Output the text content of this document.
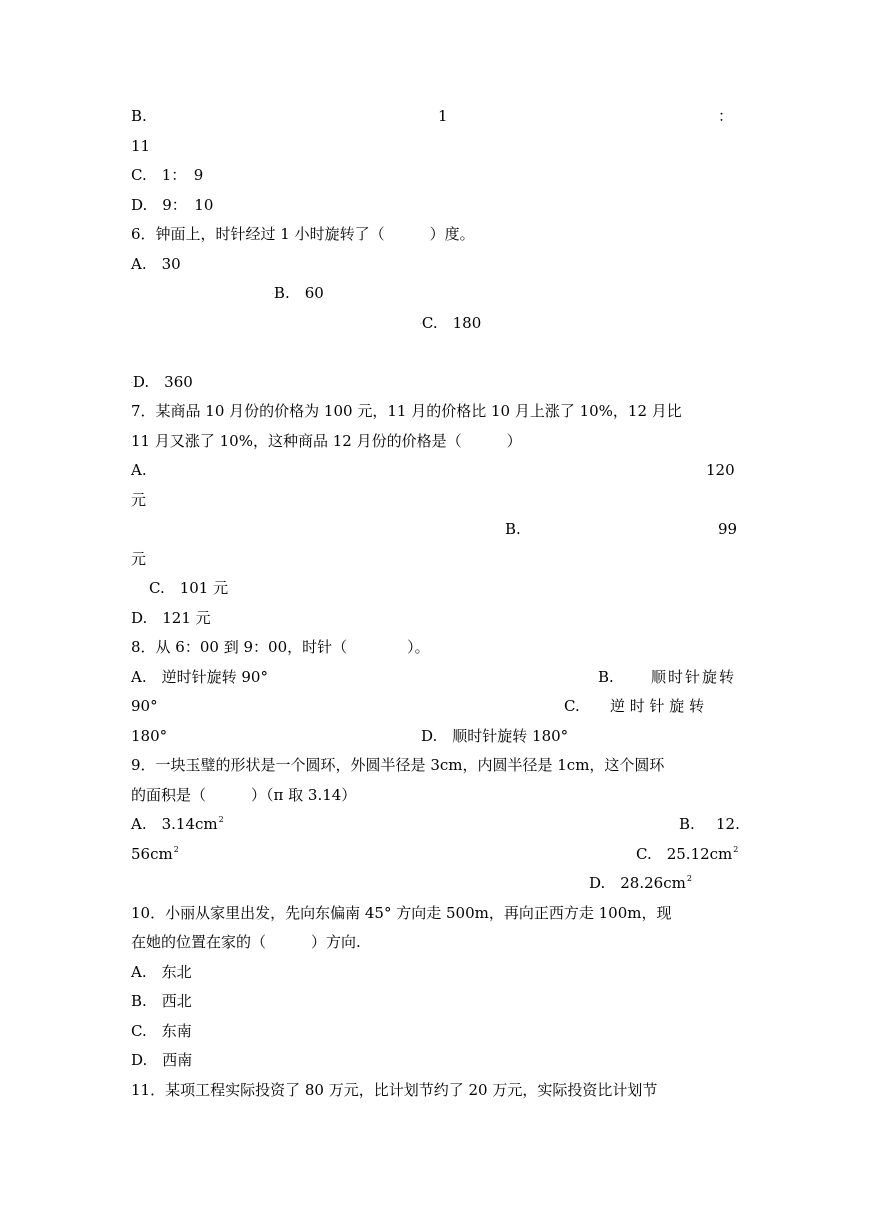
B.	1	：
11
C.　1：　9
D.　9：　10
6．钟面上，时针经过 1 小时旋转了（　　　）度。
A.　30
.B.　60
.C.　180
.D.　360
7．某商品 10 月份的价格为 100 元，11 月的价格比 10 月上涨了 10%，12 月比
11 月又涨了 10%，这种商品 12 月份的价格是（　　　）
A.	120
元
B.	99
元
C.　101 元
D.　121 元
8．从 6：00 到 9：00，时针（　　　　）。
A.　逆时针旋转 90°	B. 顺时针旋转
90°	C. 逆 时 针 旋 转
180°	D.　顺时针旋转 180°
9．一块玉璧的形状是一个圆环，外圆半径是 3cm，内圆半径是 1cm，这个圆环
的面积是（　　　）（π 取 3.14）
A.　$3.14cm^2$	B. 12.
$56cm^2$	C.　$25.12cm^2$
D.　$28.26cm^2$
10．小丽从家里出发，先向东偏南 45° 方向走 500m，再向正西方走 100m，现
在她的位置在家的（　　　）方向.
A.　东北
B.　西北
C.　东南
D.　西南
11．某项工程实际投资了 80 万元，比计划节约了 20 万元，实际投资比计划节
